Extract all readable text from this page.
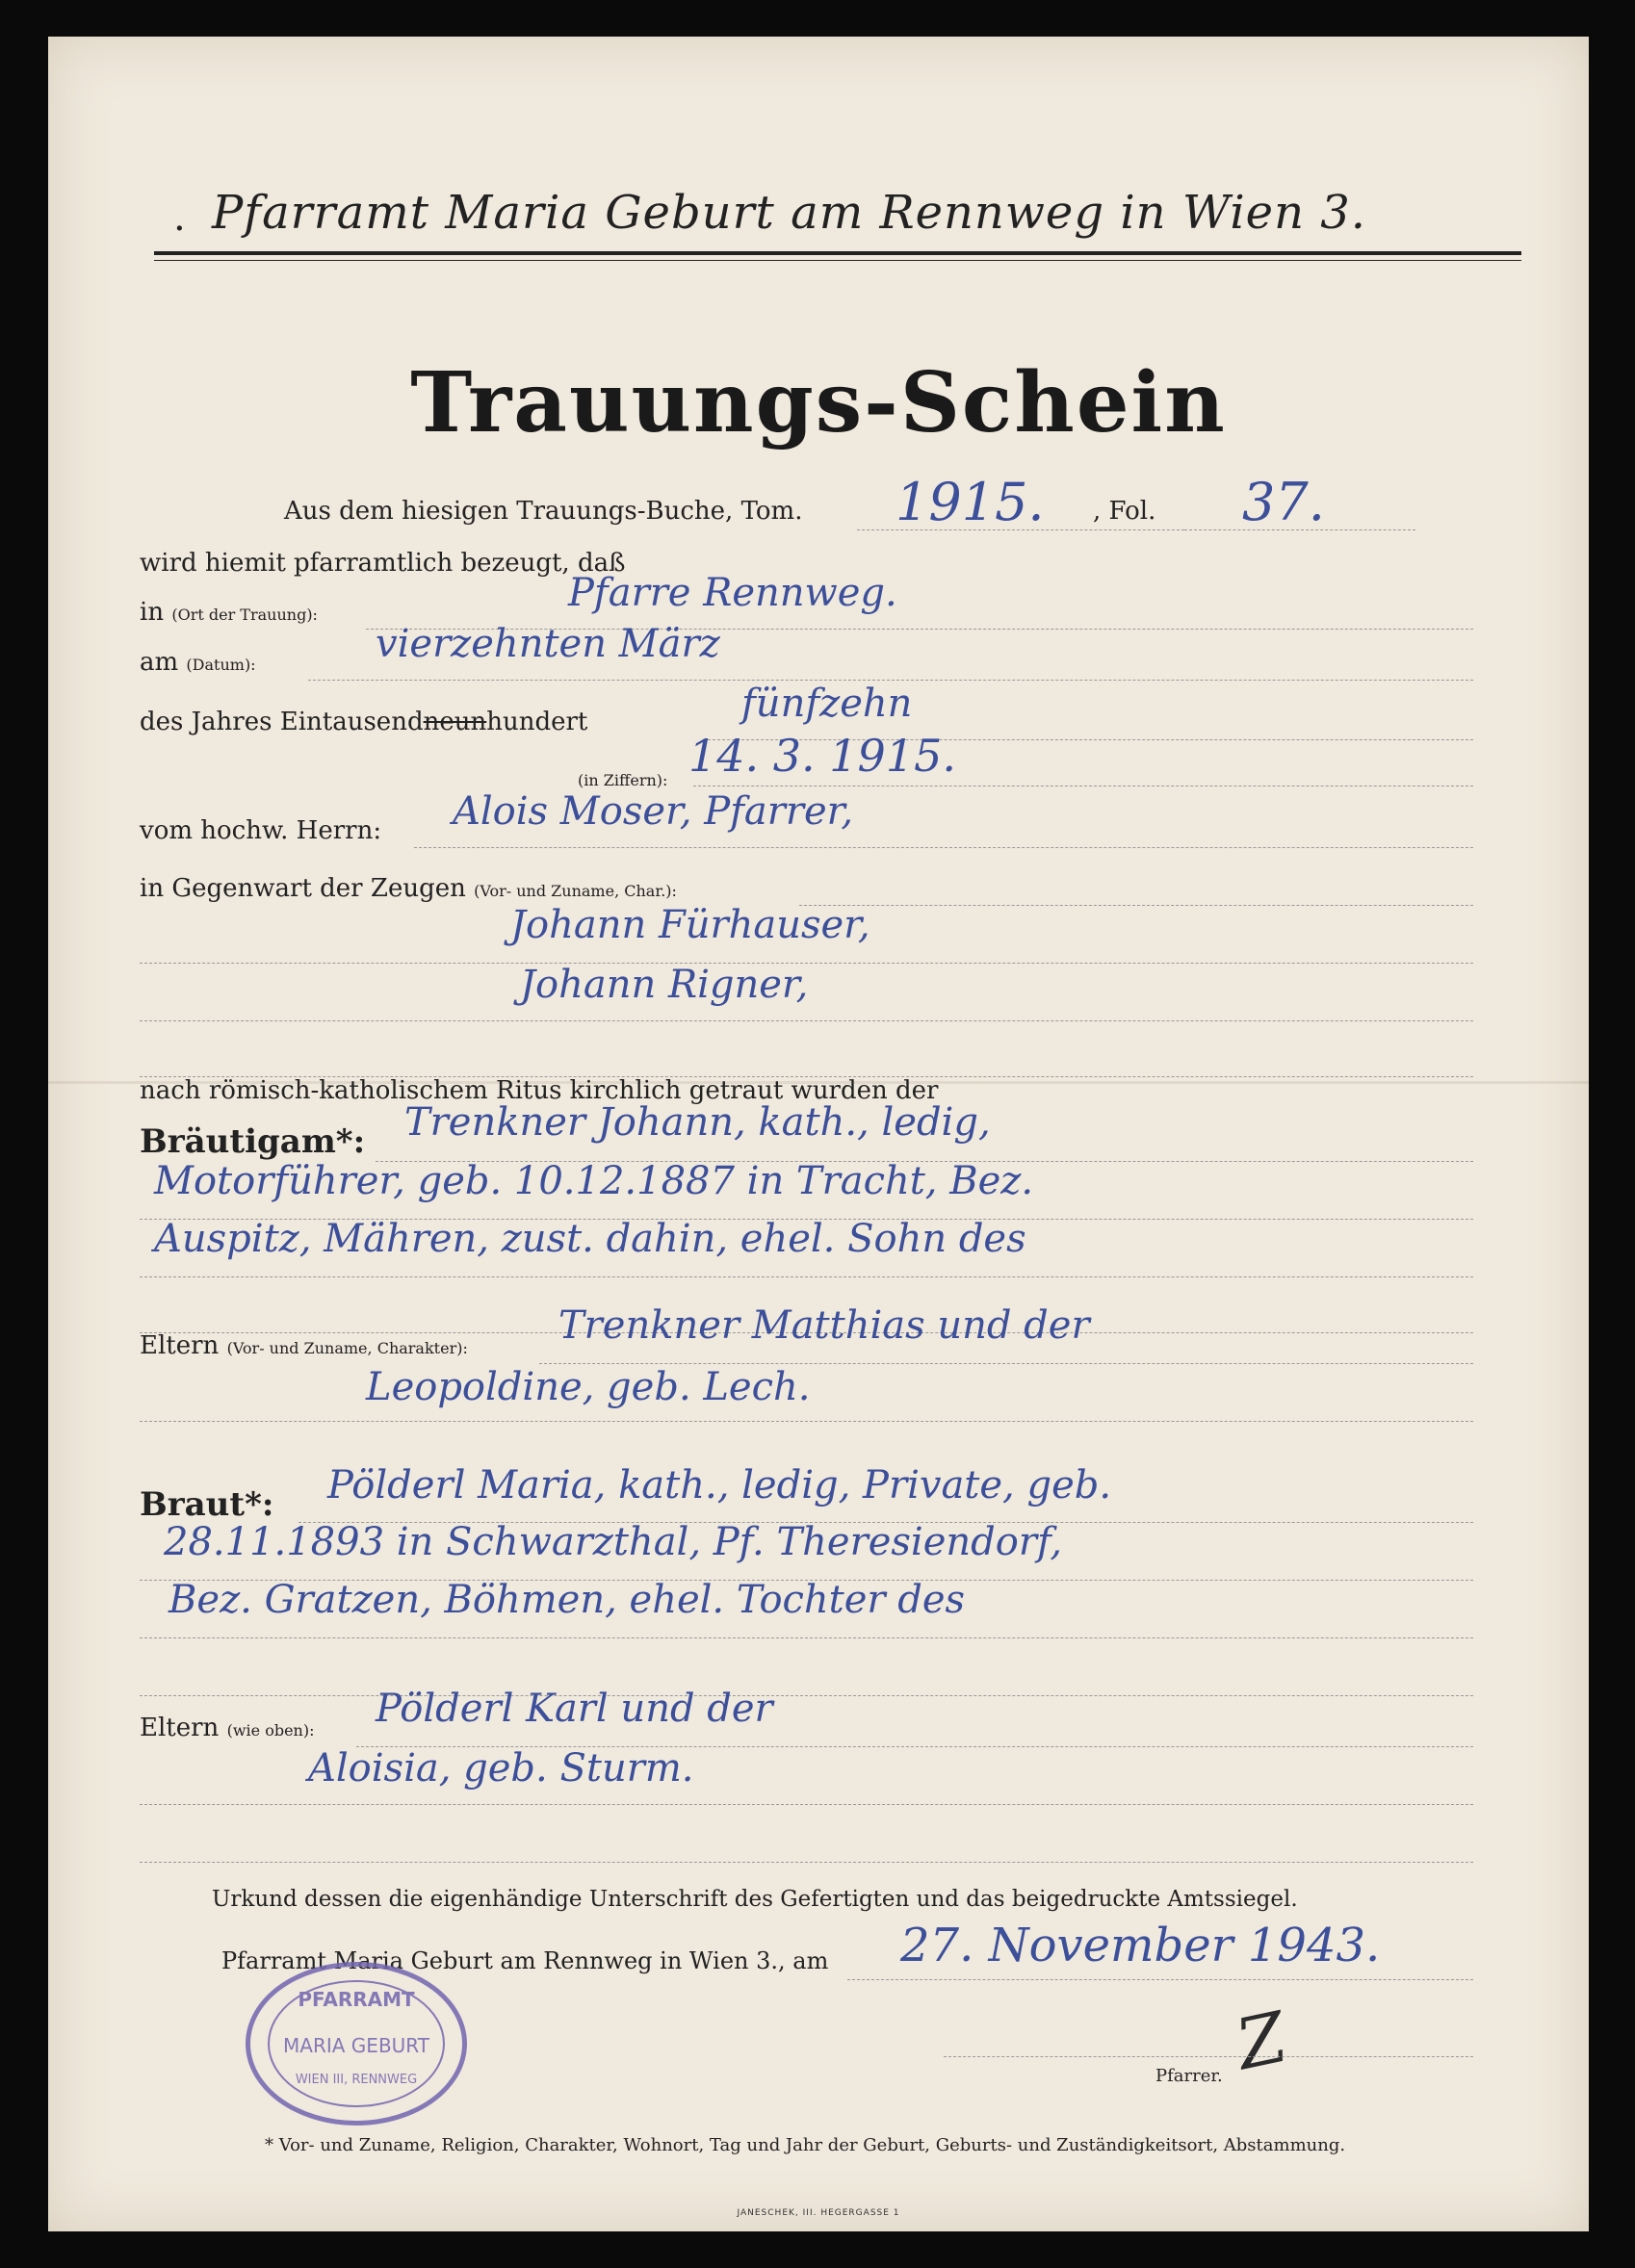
. Pfarramt Maria Geburt am Rennweg in Wien 3.
Trauungs-Schein
Aus dem hiesigen Trauungs-Buche, Tom. 1915. , Fol. 37.
wird hiemit pfarramtlich bezeugt, daß
in (Ort der Trauung):	Pfarre Rennweg.
am (Datum):	vierzehnten März
des Jahres Eintausendneunhundert	fünfzehn
(in Ziffern): 14. 3. 1915.
vom hochw. Herrn: Alois Moser, Pfarrer,
in Gegenwart der Zeugen (Vor- und Zuname, Char.):
Johann Fürhauser,
Johann Rigner,
nach römisch-katholischem Ritus kirchlich getraut wurden der
Bräutigam*: Trenkner Johann, kath., ledig,
Motorführer, geb. 10.12.1887 in Tracht, Bez.
Auspitz, Mähren, zust. dahin, ehel. Sohn des
Eltern (Vor- und Zuname, Charakter):
Trenkner Matthias und der
Leopoldine, geb. Lech.
Braut*: Pölderl Maria, kath., ledig, Private, geb.
28.11.1893 in Schwarzthal, Pf. Theresiendorf,
Bez. Gratzen, Böhmen, ehel. Tochter des
Eltern (wie oben): Pölderl Karl und der
Aloisia, geb. Sturm.
Urkund dessen die eigenhändige Unterschrift des Gefertigten und das beigedruckte Amtssiegel.
Pfarramt Maria Geburt am Rennweg in Wien 3., am 27. November 1943.
PFARRAMT
MARIA GEBURT
WIEN III, RENNWEG	Z
Pfarrer.
* Vor- und Zuname, Religion, Charakter, Wohnort, Tag und Jahr der Geburt, Geburts- und Zuständigkeitsort, Abstammung.
JANESCHEK, III. HEGERGASSE 1
